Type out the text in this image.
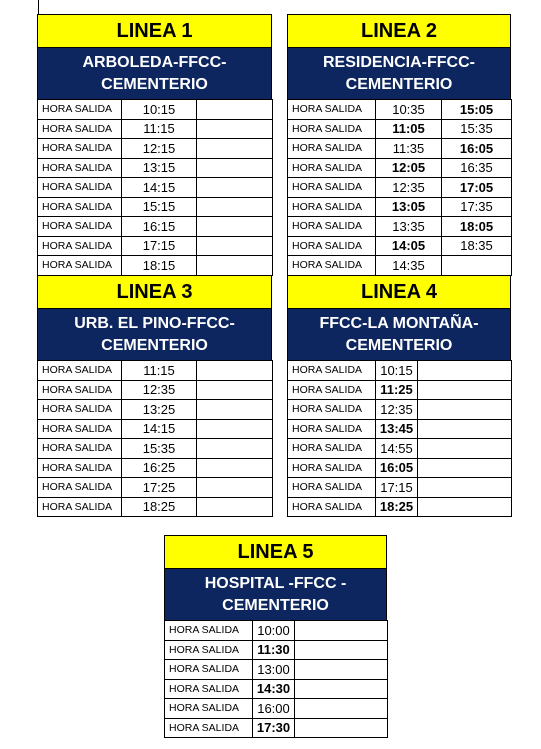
LINEA 1
ARBOLEDA-FFCC-CEMENTERIO
HORA SALIDA	10:15	
HORA SALIDA	11:15	
HORA SALIDA	12:15	
HORA SALIDA	13:15	
HORA SALIDA	14:15	
HORA SALIDA	15:15	
HORA SALIDA	16:15	
HORA SALIDA	17:15	
HORA SALIDA	18:15	
LINEA 2
RESIDENCIA-FFCC-CEMENTERIO
HORA SALIDA	10:35	15:05
HORA SALIDA	11:05	15:35
HORA SALIDA	11:35	16:05
HORA SALIDA	12:05	16:35
HORA SALIDA	12:35	17:05
HORA SALIDA	13:05	17:35
HORA SALIDA	13:35	18:05
HORA SALIDA	14:05	18:35
HORA SALIDA	14:35	
LINEA 3
URB. EL PINO-FFCC-CEMENTERIO
HORA SALIDA	11:15	
HORA SALIDA	12:35	
HORA SALIDA	13:25	
HORA SALIDA	14:15	
HORA SALIDA	15:35	
HORA SALIDA	16:25	
HORA SALIDA	17:25	
HORA SALIDA	18:25	
LINEA 4
FFCC-LA MONTAÑA-CEMENTERIO
HORA SALIDA	10:15	
HORA SALIDA	11:25	
HORA SALIDA	12:35	
HORA SALIDA	13:45	
HORA SALIDA	14:55	
HORA SALIDA	16:05	
HORA SALIDA	17:15	
HORA SALIDA	18:25	
LINEA 5
HOSPITAL -FFCC -CEMENTERIO
HORA SALIDA	10:00	
HORA SALIDA	11:30	
HORA SALIDA	13:00	
HORA SALIDA	14:30	
HORA SALIDA	16:00	
HORA SALIDA	17:30	
